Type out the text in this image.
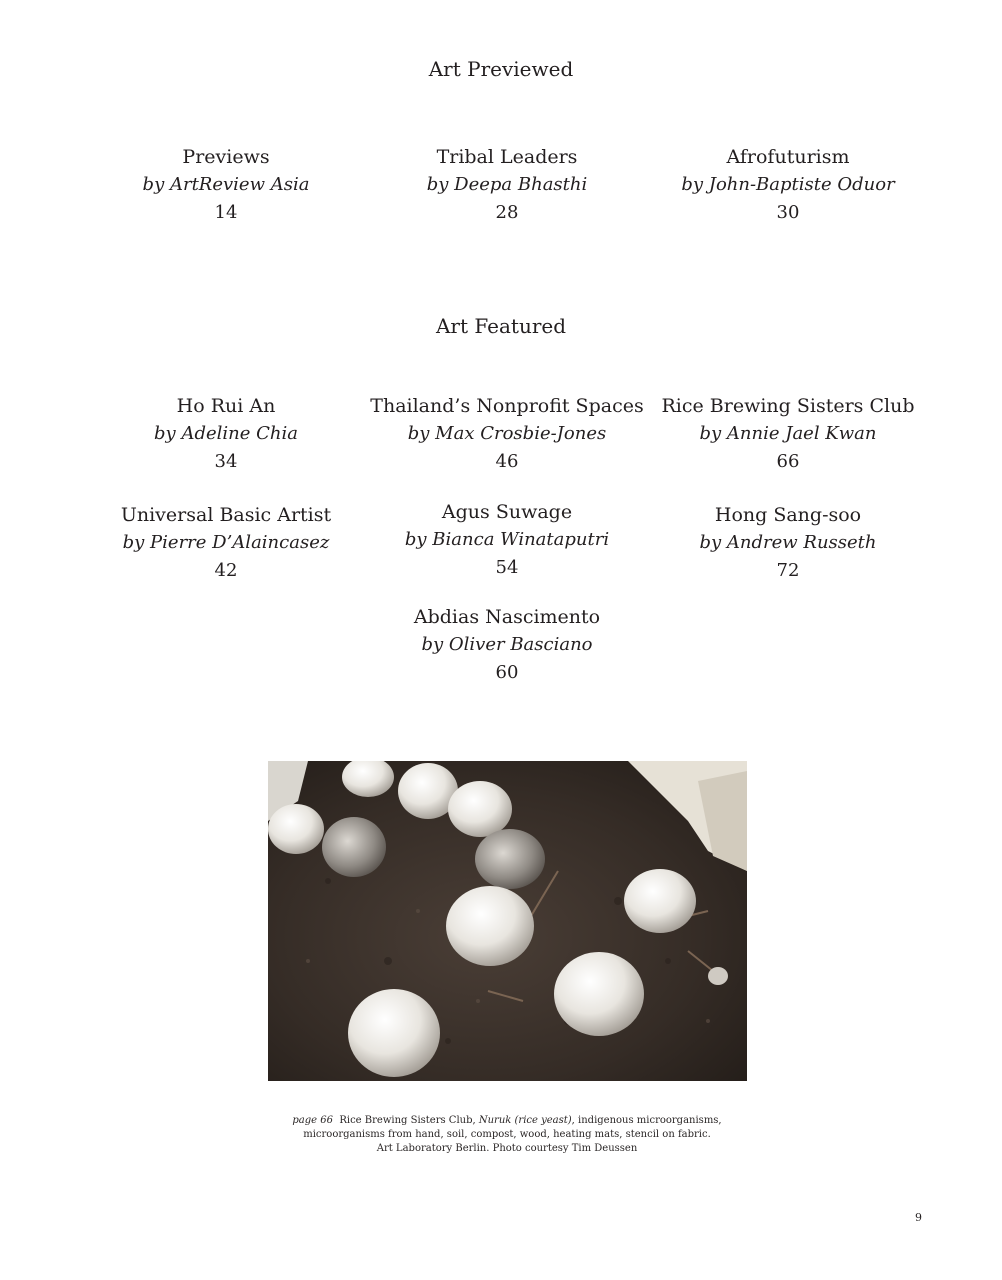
Art Previewed
Previews
by ArtReview Asia
14
Tribal Leaders
by Deepa Bhasthi
28
Afrofuturism
by John-Baptiste Oduor
30
Art Featured
Ho Rui An
by Adeline Chia
34
Thailand’s Nonprofit Spaces
by Max Crosbie-Jones
46
Rice Brewing Sisters Club
by Annie Jael Kwan
66
Universal Basic Artist
by Pierre D’Alaincasez
42
Agus Suwage
by Bianca Winataputri
54
Hong Sang-soo
by Andrew Russeth
72
Abdias Nascimento
by Oliver Basciano
60
page 66 Rice Brewing Sisters Club, Nuruk (rice yeast), indigenous microorganisms,
microorganisms from hand, soil, compost, wood, heating mats, stencil on fabric.
Art Laboratory Berlin. Photo courtesy Tim Deussen
9
